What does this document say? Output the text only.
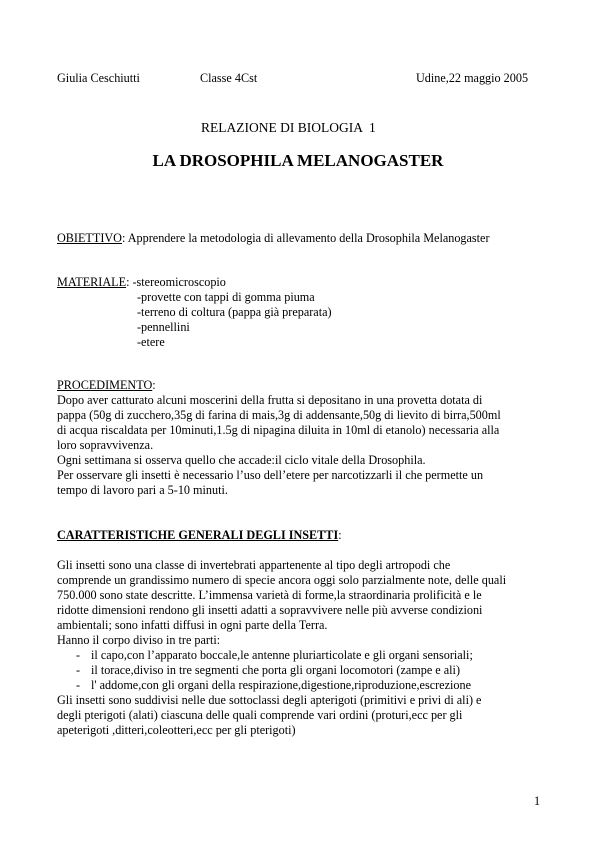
Giulia Ceschiutti	Classe 4Cst	Udine,22 maggio 2005
RELAZIONE DI BIOLOGIA  1
LA DROSOPHILA MELANOGASTER
OBIETTIVO: Apprendere la metodologia di allevamento della Drosophila Melanogaster
MATERIALE: -stereomicroscopio
-provette con tappi di gomma piuma
-terreno di coltura (pappa già preparata)
-pennellini
-etere
PROCEDIMENTO:
Dopo aver catturato alcuni moscerini della frutta si depositano in una provetta dotata di
pappa (50g di zucchero,35g di farina di mais,3g di addensante,50g di lievito di birra,500ml
di acqua riscaldata per 10minuti,1.5g di nipagina diluita in 10ml di etanolo) necessaria alla
loro sopravvivenza.
Ogni settimana si osserva quello che accade:il ciclo vitale della Drosophila.
Per osservare gli insetti è necessario l’uso dell’etere per narcotizzarli il che permette un
tempo di lavoro pari a 5-10 minuti.
CARATTERISTICHE GENERALI DEGLI INSETTI:
Gli insetti sono una classe di invertebrati appartenente al tipo degli artropodi che
comprende un grandissimo numero di specie ancora oggi solo parzialmente note, delle quali
750.000 sono state descritte. L’immensa varietà di forme,la straordinaria prolificità e le
ridotte dimensioni rendono gli insetti adatti a sopravvivere nelle più avverse condizioni
ambientali; sono infatti diffusi in ogni parte della Terra.
Hanno il corpo diviso in tre parti:
- il capo,con l’apparato boccale,le antenne pluriarticolate e gli organi sensoriali;
- il torace,diviso in tre segmenti che porta gli organi locomotori (zampe e ali)
- l' addome,con gli organi della respirazione,digestione,riproduzione,escrezione
Gli insetti sono suddivisi nelle due sottoclassi degli apterigoti (primitivi e privi di ali) e
degli pterigoti (alati) ciascuna delle quali comprende vari ordini (proturi,ecc per gli
apeterigoti ,ditteri,coleotteri,ecc per gli pterigoti)
1
